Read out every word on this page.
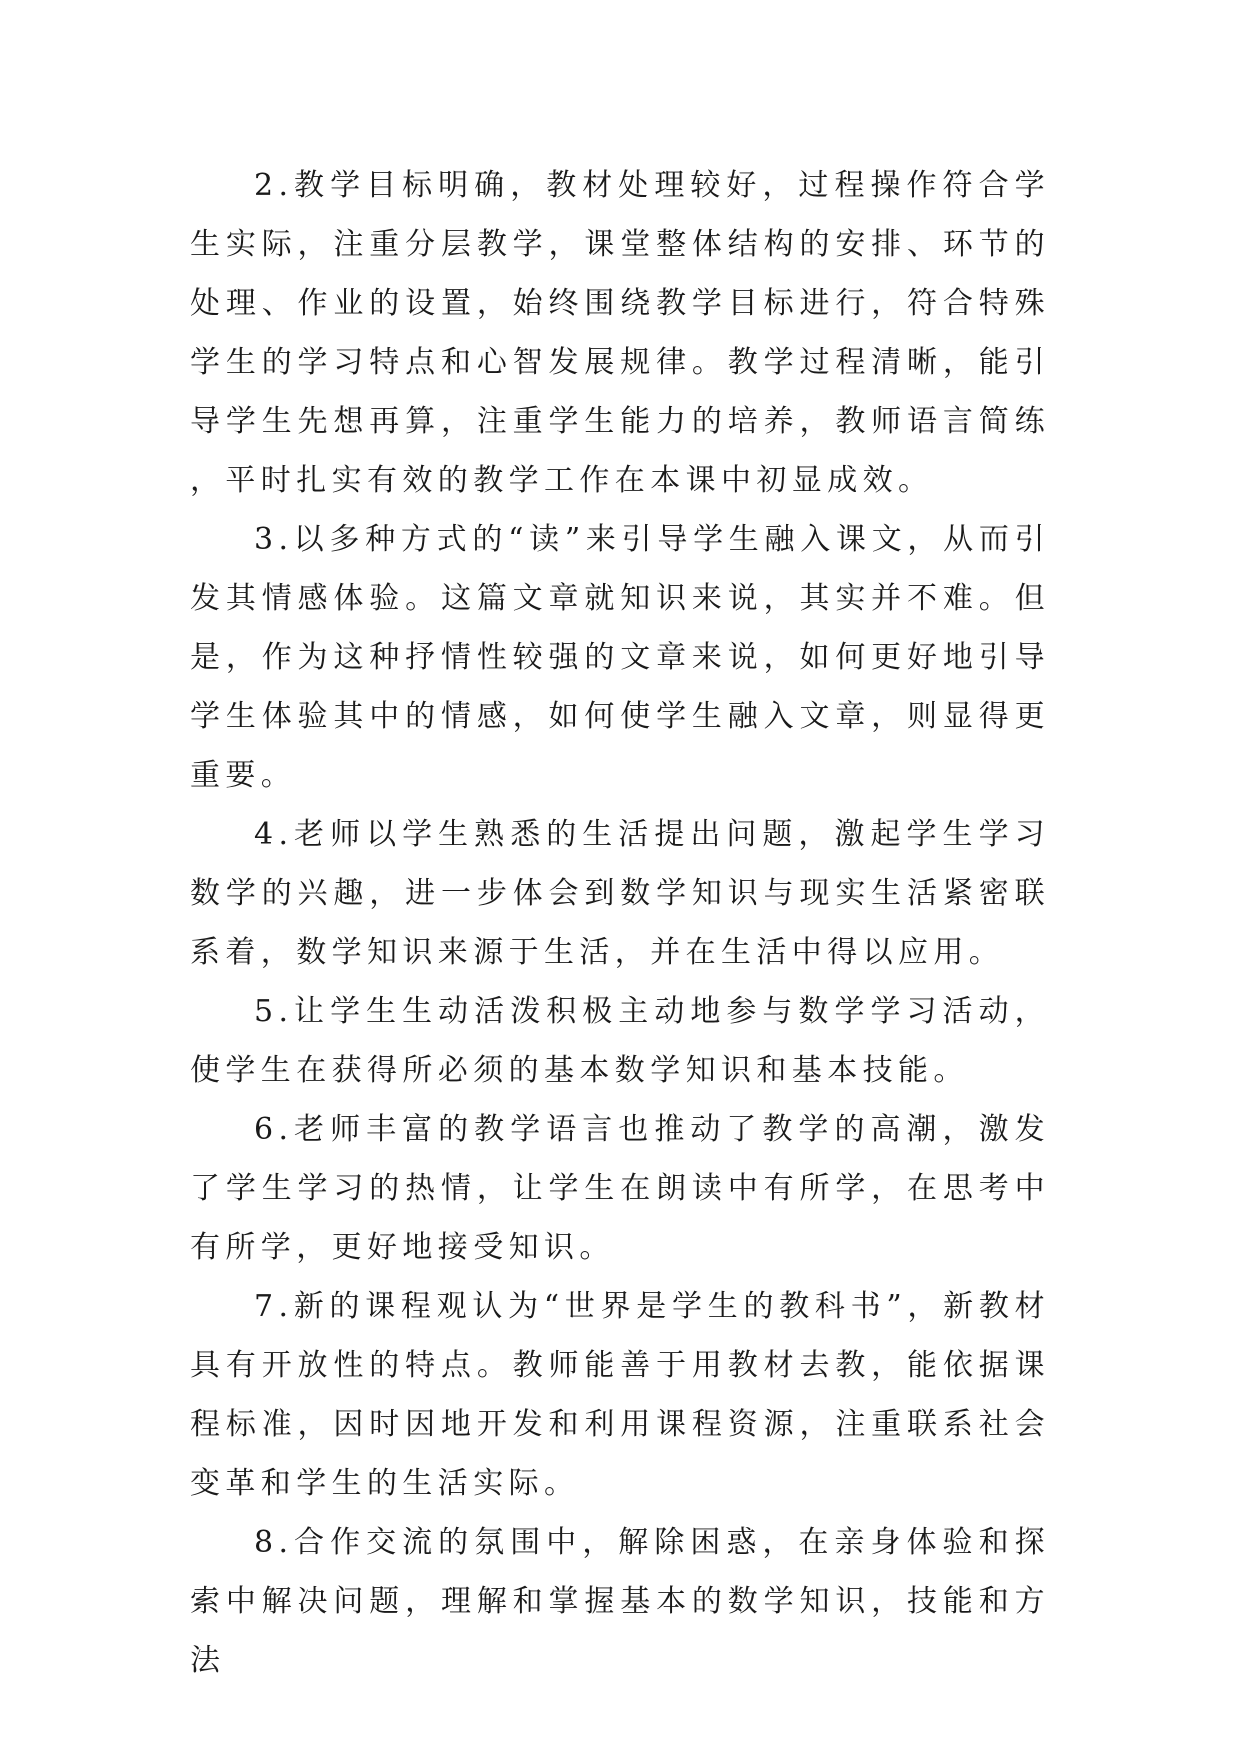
2.教学目标明确，教材处理较好，过程操作符合学生实际，注重分层教学，课堂整体结构的安排、环节的处理、作业的设置，始终围绕教学目标进行，符合特殊学生的学习特点和心智发展规律。教学过程清晰，能引导学生先想再算，注重学生能力的培养，教师语言简练，平时扎实有效的教学工作在本课中初显成效。

3.以多种方式的“读”来引导学生融入课文，从而引发其情感体验。这篇文章就知识来说，其实并不难。但是，作为这种抒情性较强的文章来说，如何更好地引导学生体验其中的情感，如何使学生融入文章，则显得更重要。

4.老师以学生熟悉的生活提出问题，激起学生学习数学的兴趣，进一步体会到数学知识与现实生活紧密联系着，数学知识来源于生活，并在生活中得以应用。

5.让学生生动活泼积极主动地参与数学学习活动，使学生在获得所必须的基本数学知识和基本技能。

6.老师丰富的教学语言也推动了教学的高潮，激发了学生学习的热情，让学生在朗读中有所学，在思考中有所学，更好地接受知识。

7.新的课程观认为“世界是学生的教科书”，新教材具有开放性的特点。教师能善于用教材去教，能依据课程标准，因时因地开发和利用课程资源，注重联系社会变革和学生的生活实际。

8.合作交流的氛围中，解除困惑，在亲身体验和探索中解决问题，理解和掌握基本的数学知识，技能和方法
